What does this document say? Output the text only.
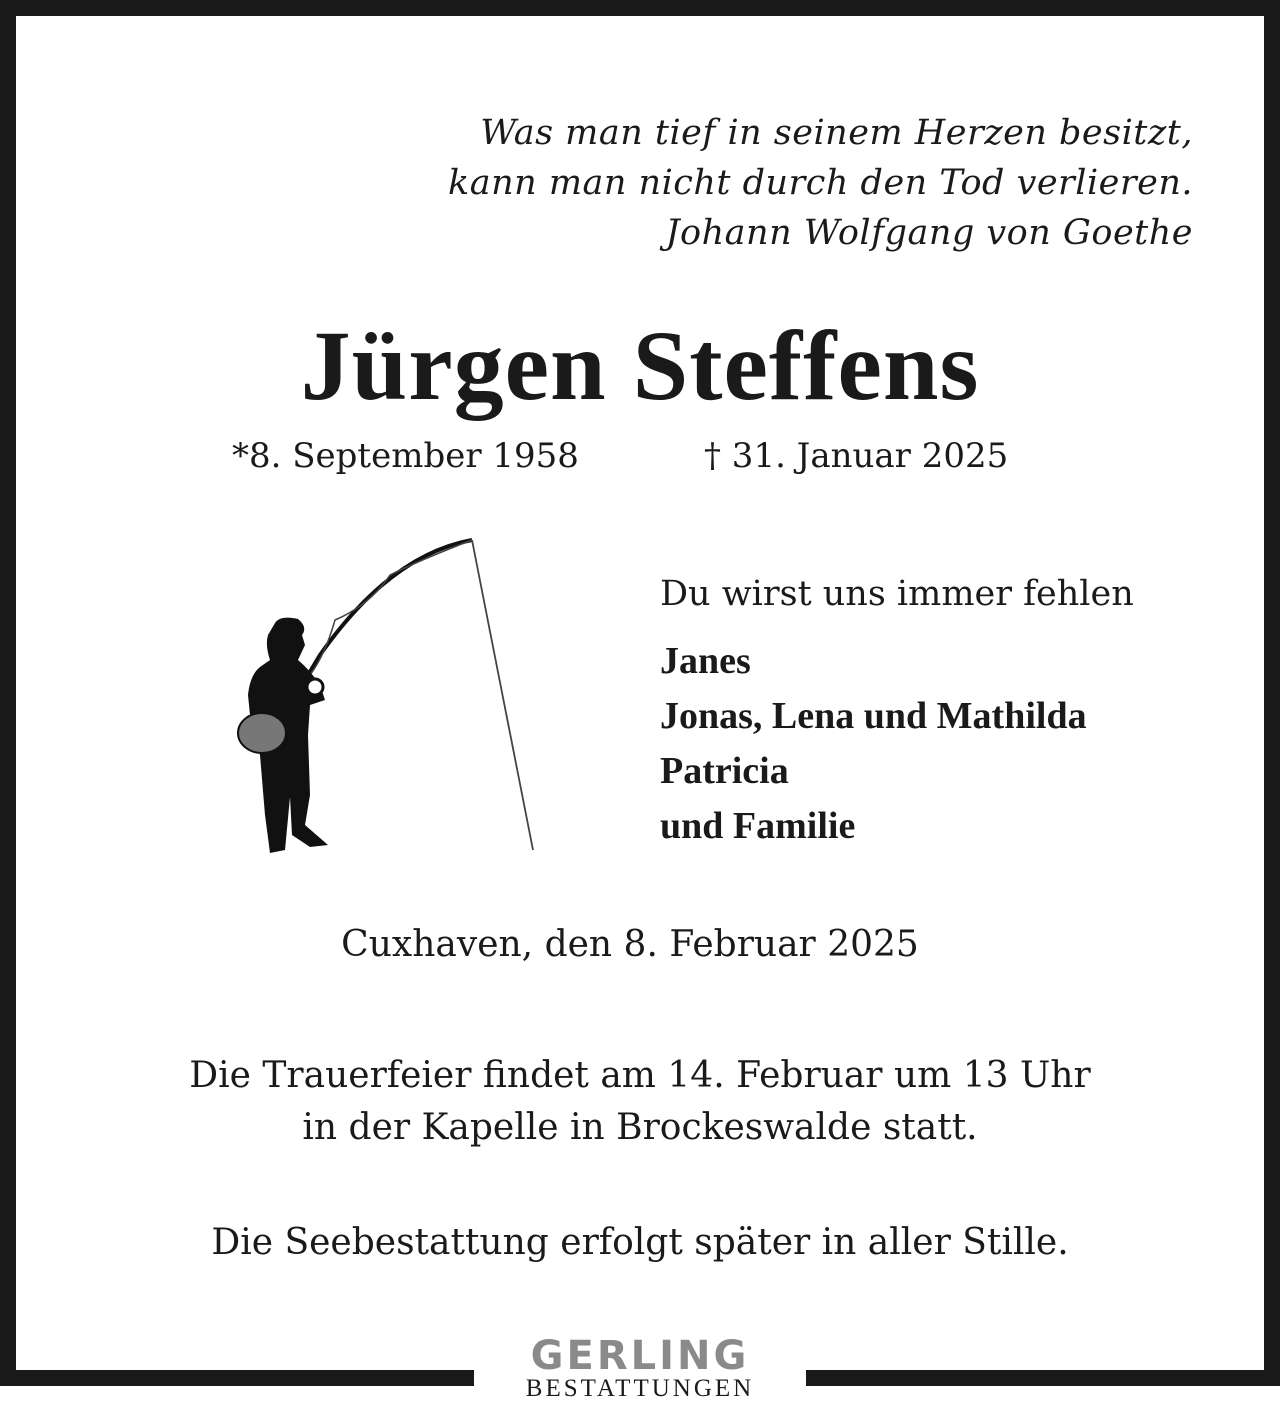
Was man tief in seinem Herzen besitzt,
kann man nicht durch den Tod verlieren.
Johann Wolfgang von Goethe
Jürgen Steffens
*8. September 1958	† 31. Januar 2025
Du wirst uns immer fehlen
Janes
Jonas, Lena und Mathilda
Patricia
und Familie
Cuxhaven, den 8. Februar 2025
Die Trauerfeier findet am 14. Februar um 13 Uhr
in der Kapelle in Brockeswalde statt.
Die Seebestattung erfolgt später in aller Stille.
GERLING
BESTATTUNGEN
